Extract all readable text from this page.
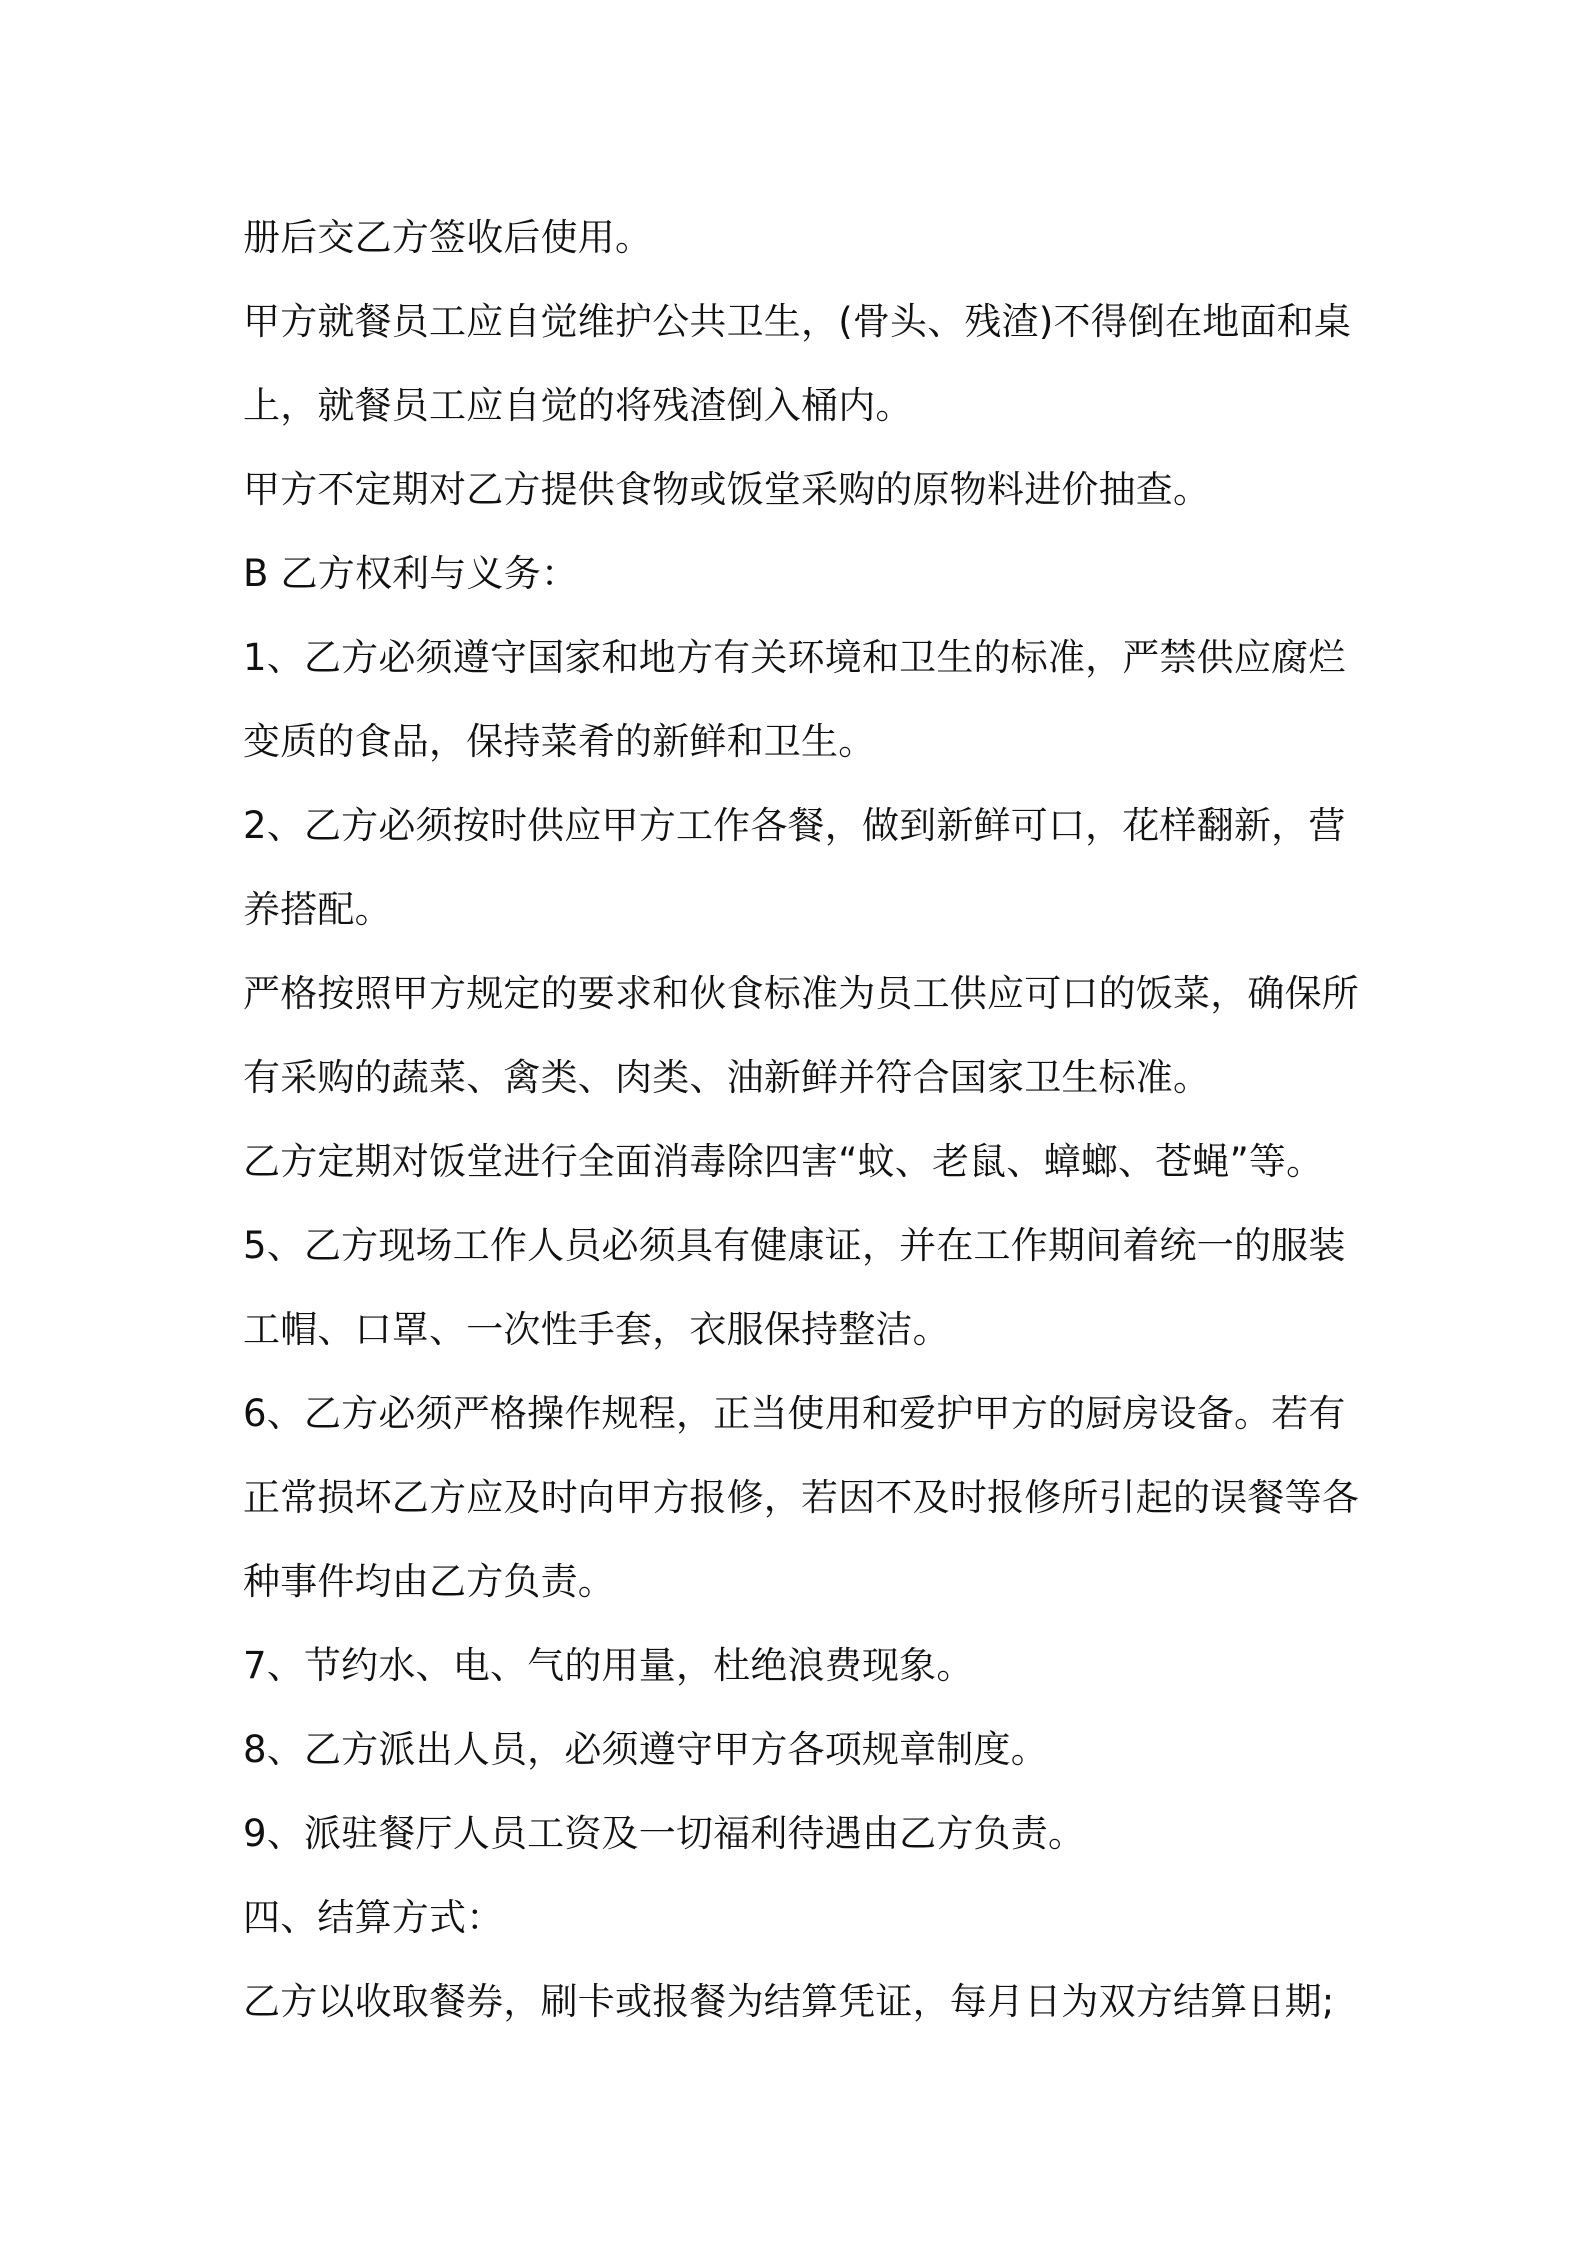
册后交乙方签收后使用。
甲方就餐员工应自觉维护公共卫生，(骨头、残渣)不得倒在地面和桌
上，就餐员工应自觉的将残渣倒入桶内。
甲方不定期对乙方提供食物或饭堂采购的原物料进价抽查。
B 乙方权利与义务：
1、乙方必须遵守国家和地方有关环境和卫生的标准，严禁供应腐烂
变质的食品，保持菜肴的新鲜和卫生。
2、乙方必须按时供应甲方工作各餐，做到新鲜可口，花样翻新，营
养搭配。
严格按照甲方规定的要求和伙食标准为员工供应可口的饭菜，确保所
有采购的蔬菜、禽类、肉类、油新鲜并符合国家卫生标准。
乙方定期对饭堂进行全面消毒除四害“蚊、老鼠、蟑螂、苍蝇”等。
5、乙方现场工作人员必须具有健康证，并在工作期间着统一的服装
工帽、口罩、一次性手套，衣服保持整洁。
6、乙方必须严格操作规程，正当使用和爱护甲方的厨房设备。若有
正常损坏乙方应及时向甲方报修，若因不及时报修所引起的误餐等各
种事件均由乙方负责。
7、节约水、电、气的用量，杜绝浪费现象。
8、乙方派出人员，必须遵守甲方各项规章制度。
9、派驻餐厅人员工资及一切福利待遇由乙方负责。
四、结算方式：
乙方以收取餐券，刷卡或报餐为结算凭证，每月日为双方结算日期;
